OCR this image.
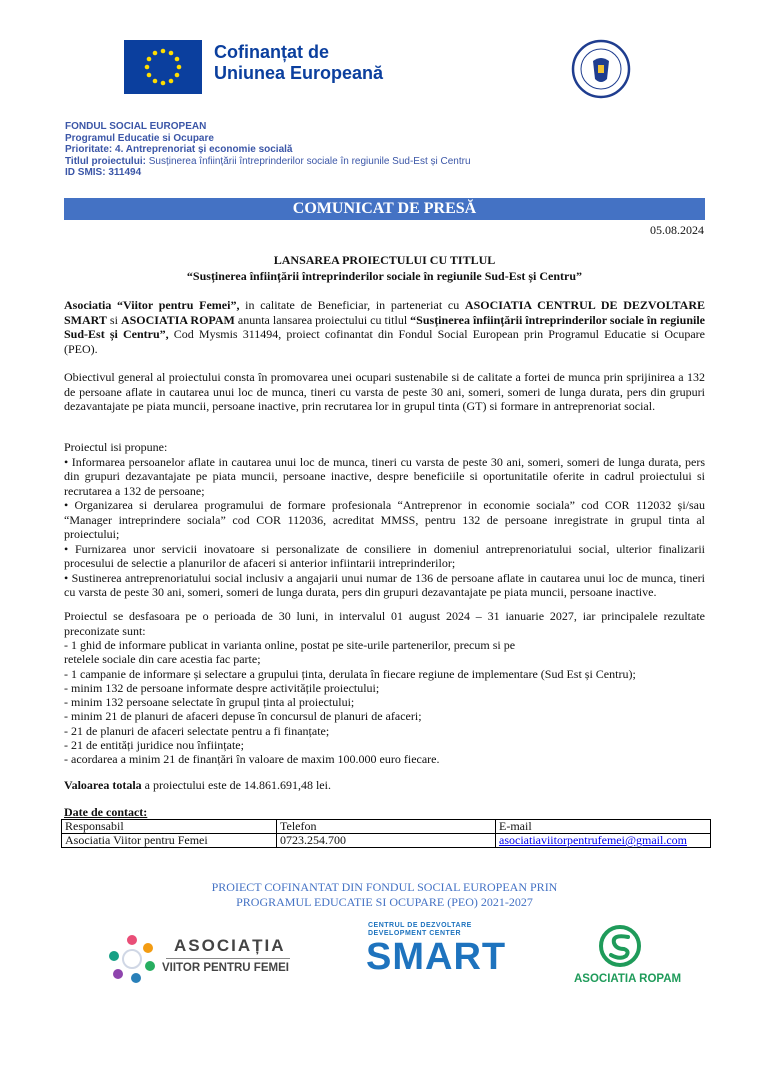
Cofinanțat de
Uniunea Europeană
FONDUL SOCIAL EUROPEAN
Programul Educatie si Ocupare
Prioritate: 4. Antreprenoriat și economie socială
Titlul proiectului: Susținerea înființării întreprinderilor sociale în regiunile Sud-Est și Centru
ID SMIS: 311494
COMUNICAT DE PRESĂ
05.08.2024
LANSAREA PROIECTULUI CU TITLUL
“Susținerea înființării întreprinderilor sociale în regiunile Sud-Est și Centru”

Asociatia “Viitor pentru Femei”, in calitate de Beneficiar, in parteneriat cu ASOCIATIA CENTRUL DE DEZVOLTARE SMART si ASOCIATIA ROPAM anunta lansarea proiectului cu titlul “Susținerea înființării întreprinderilor sociale în regiunile Sud-Est și Centru”, Cod Mysmis 311494, proiect cofinantat din Fondul Social European prin Programul Educatie si Ocupare (PEO).

Obiectivul general al proiectului consta în promovarea unei ocupari sustenabile si de calitate a fortei de munca prin sprijinirea a 132 de persoane aflate in cautarea unui loc de munca, tineri cu varsta de peste 30 ani, someri, someri de lunga durata, pers din grupuri dezavantajate pe piata muncii, persoane inactive, prin recrutarea lor in grupul tinta (GT) si formare in antreprenoriat social.

Proiectul isi propune:

• Informarea persoanelor aflate in cautarea unui loc de munca, tineri cu varsta de peste 30 ani, someri, someri de lunga durata, pers din grupuri dezavantajate pe piata muncii, persoane inactive, despre beneficiile si oportunitatile oferite in cadrul proiectului si recrutarea a 132 de persoane;

• Organizarea si derularea programului de formare profesionala “Antreprenor in economie sociala” cod COR 112032 și/sau “Manager intreprindere sociala” cod COR 112036, acreditat MMSS, pentru 132 de persoane inregistrate in grupul tinta al proiectului;

• Furnizarea unor servicii inovatoare si personalizate de consiliere in domeniul antreprenoriatului social, ulterior finalizarii procesului de selectie a planurilor de afaceri si anterior infiintarii intreprinderilor;

• Sustinerea antreprenoriatului social inclusiv a angajarii unui numar de 136 de persoane aflate in cautarea unui loc de munca, tineri cu varsta de peste 30 ani, someri, someri de lunga durata, pers din grupuri dezavantajate pe piata muncii, persoane inactive.

Proiectul se desfasoara pe o perioada de 30 luni, in intervalul 01 august 2024 – 31 ianuarie 2027, iar principalele rezultate preconizate sunt:

- 1 ghid de informare publicat in varianta online, postat pe site-urile partenerilor, precum si pe
retelele sociale din care acestia fac parte;
- 1 campanie de informare și selectare a grupului ținta, derulata în fiecare regiune de implementare (Sud Est și Centru);
- minim 132 de persoane informate despre activitățile proiectului;
- minim 132 persoane selectate în grupul ținta al proiectului;
- minim 21 de planuri de afaceri depuse în concursul de planuri de afaceri;
- 21 de planuri de afaceri selectate pentru a fi finanțate;
- 21 de entități juridice nou înființate;
- acordarea a minim 21 de finanțări în valoare de maxim 100.000 euro fiecare.

Valoarea totala a proiectului este de 14.861.691,48 lei.

Date de contact:
Responsabil	Telefon	E-mail
Asociatia Viitor pentru Femei	0723.254.700	asociatiaviitorpentrufemei@gmail.com
PROIECT COFINANTAT DIN FONDUL SOCIAL EUROPEAN PRIN
PROGRAMUL EDUCATIE SI OCUPARE (PEO) 2021-2027
ASOCIAȚIA
VIITOR PENTRU FEMEI
CENTRUL DE DEZVOLTARE
DEVELOPMENT CENTER
SMART
ASOCIATIA ROPAM
